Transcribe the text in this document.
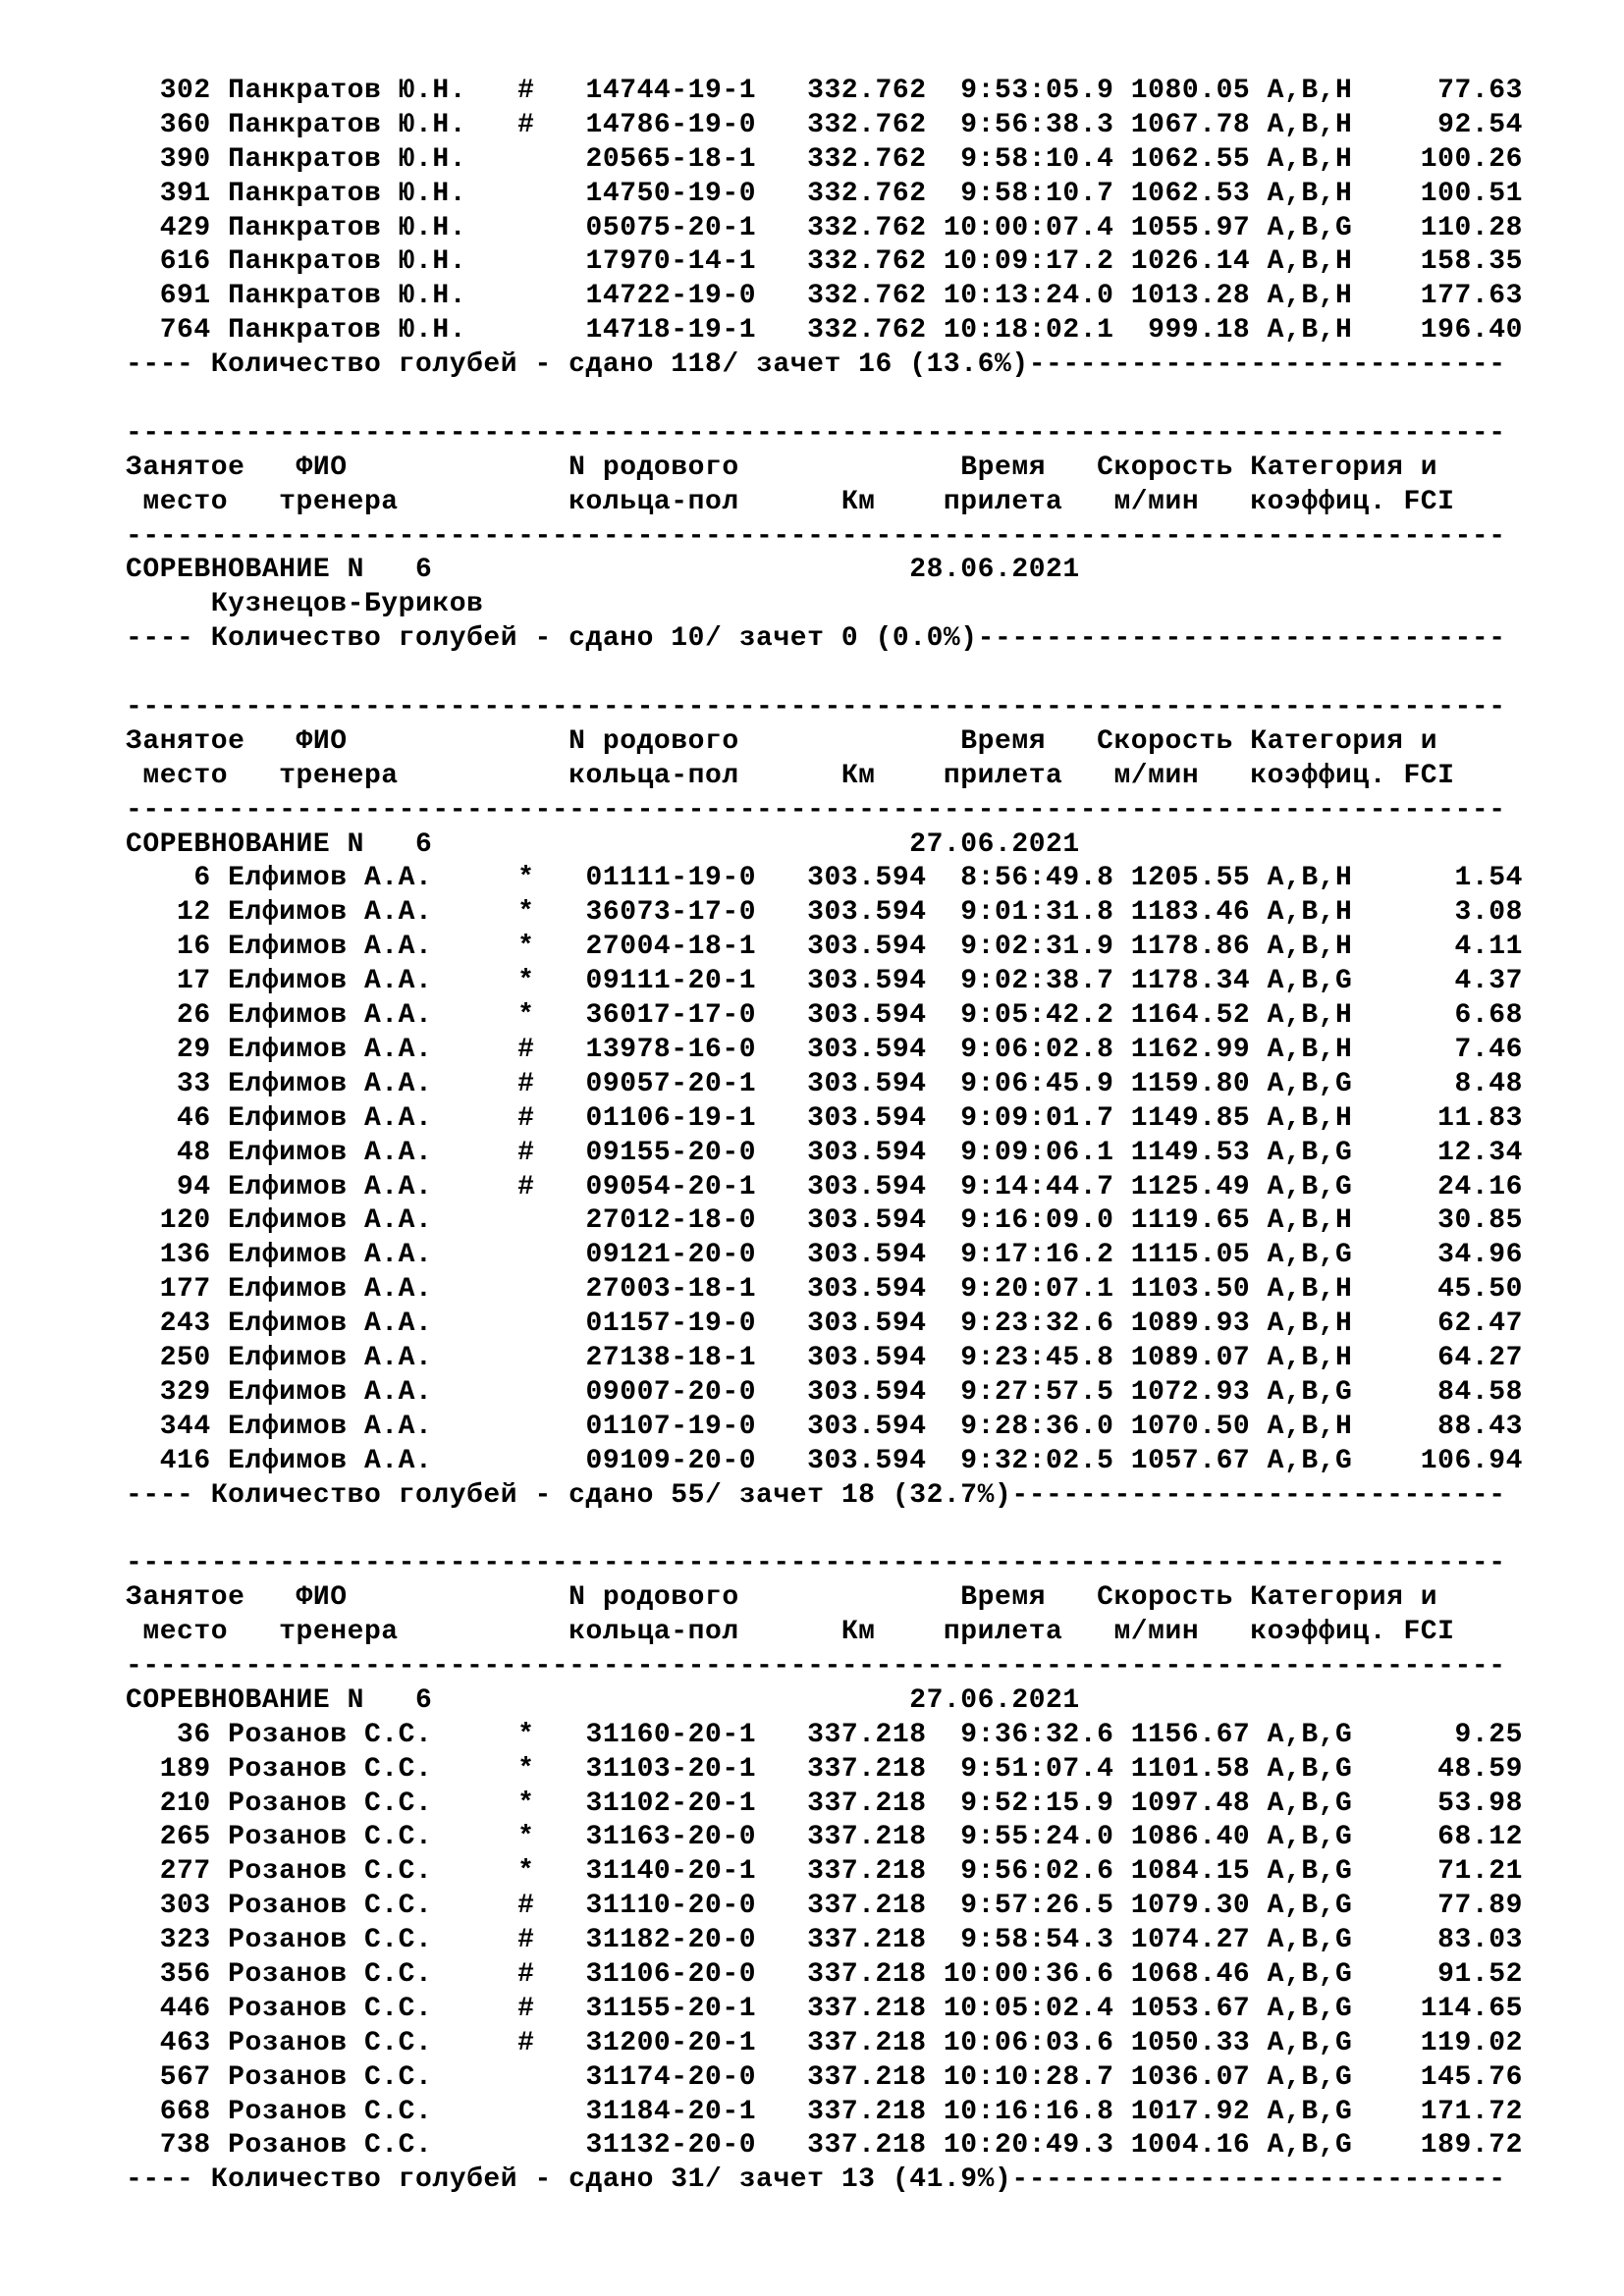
302 Панкратов Ю.Н.   #   14744-19-1   332.762  9:53:05.9 1080.05 A,B,H     77.63
360 Панкратов Ю.Н.   #   14786-19-0   332.762  9:56:38.3 1067.78 A,B,H     92.54
390 Панкратов Ю.Н.       20565-18-1   332.762  9:58:10.4 1062.55 A,B,H    100.26
391 Панкратов Ю.Н.       14750-19-0   332.762  9:58:10.7 1062.53 A,B,H    100.51
429 Панкратов Ю.Н.       05075-20-1   332.762 10:00:07.4 1055.97 A,B,G    110.28
616 Панкратов Ю.Н.       17970-14-1   332.762 10:09:17.2 1026.14 A,B,H    158.35
691 Панкратов Ю.Н.       14722-19-0   332.762 10:13:24.0 1013.28 A,B,H    177.63
764 Панкратов Ю.Н.       14718-19-1   332.762 10:18:02.1  999.18 A,B,H    196.40
---- Количество голубей - сдано 118/ зачет 16 (13.6%)----------------------------
---------------------------------------------------------------------------------
Занятое   ФИО             N родового             Время   Скорость Категория и
место   тренера          кольца-пол      Км    прилета   м/мин   коэффиц. FCI
---------------------------------------------------------------------------------
СОРЕВНОВАНИЕ N   6                            28.06.2021
Кузнецов-Буриков
---- Количество голубей - сдано 10/ зачет 0 (0.0%)-------------------------------
---------------------------------------------------------------------------------
Занятое   ФИО             N родового             Время   Скорость Категория и
место   тренера          кольца-пол      Км    прилета   м/мин   коэффиц. FCI
---------------------------------------------------------------------------------
СОРЕВНОВАНИЕ N   6                            27.06.2021
6 Елфимов А.А.     *   01111-19-0   303.594  8:56:49.8 1205.55 A,B,H      1.54
12 Елфимов А.А.     *   36073-17-0   303.594  9:01:31.8 1183.46 A,B,H      3.08
16 Елфимов А.А.     *   27004-18-1   303.594  9:02:31.9 1178.86 A,B,H      4.11
17 Елфимов А.А.     *   09111-20-1   303.594  9:02:38.7 1178.34 A,B,G      4.37
26 Елфимов А.А.     *   36017-17-0   303.594  9:05:42.2 1164.52 A,B,H      6.68
29 Елфимов А.А.     #   13978-16-0   303.594  9:06:02.8 1162.99 A,B,H      7.46
33 Елфимов А.А.     #   09057-20-1   303.594  9:06:45.9 1159.80 A,B,G      8.48
46 Елфимов А.А.     #   01106-19-1   303.594  9:09:01.7 1149.85 A,B,H     11.83
48 Елфимов А.А.     #   09155-20-0   303.594  9:09:06.1 1149.53 A,B,G     12.34
94 Елфимов А.А.     #   09054-20-1   303.594  9:14:44.7 1125.49 A,B,G     24.16
120 Елфимов А.А.         27012-18-0   303.594  9:16:09.0 1119.65 A,B,H     30.85
136 Елфимов А.А.         09121-20-0   303.594  9:17:16.2 1115.05 A,B,G     34.96
177 Елфимов А.А.         27003-18-1   303.594  9:20:07.1 1103.50 A,B,H     45.50
243 Елфимов А.А.         01157-19-0   303.594  9:23:32.6 1089.93 A,B,H     62.47
250 Елфимов А.А.         27138-18-1   303.594  9:23:45.8 1089.07 A,B,H     64.27
329 Елфимов А.А.         09007-20-0   303.594  9:27:57.5 1072.93 A,B,G     84.58
344 Елфимов А.А.         01107-19-0   303.594  9:28:36.0 1070.50 A,B,H     88.43
416 Елфимов А.А.         09109-20-0   303.594  9:32:02.5 1057.67 A,B,G    106.94
---- Количество голубей - сдано 55/ зачет 18 (32.7%)-----------------------------
---------------------------------------------------------------------------------
Занятое   ФИО             N родового             Время   Скорость Категория и
место   тренера          кольца-пол      Км    прилета   м/мин   коэффиц. FCI
---------------------------------------------------------------------------------
СОРЕВНОВАНИЕ N   6                            27.06.2021
36 Розанов С.С.     *   31160-20-1   337.218  9:36:32.6 1156.67 A,B,G      9.25
189 Розанов С.С.     *   31103-20-1   337.218  9:51:07.4 1101.58 A,B,G     48.59
210 Розанов С.С.     *   31102-20-1   337.218  9:52:15.9 1097.48 A,B,G     53.98
265 Розанов С.С.     *   31163-20-0   337.218  9:55:24.0 1086.40 A,B,G     68.12
277 Розанов С.С.     *   31140-20-1   337.218  9:56:02.6 1084.15 A,B,G     71.21
303 Розанов С.С.     #   31110-20-0   337.218  9:57:26.5 1079.30 A,B,G     77.89
323 Розанов С.С.     #   31182-20-0   337.218  9:58:54.3 1074.27 A,B,G     83.03
356 Розанов С.С.     #   31106-20-0   337.218 10:00:36.6 1068.46 A,B,G     91.52
446 Розанов С.С.     #   31155-20-1   337.218 10:05:02.4 1053.67 A,B,G    114.65
463 Розанов С.С.     #   31200-20-1   337.218 10:06:03.6 1050.33 A,B,G    119.02
567 Розанов С.С.         31174-20-0   337.218 10:10:28.7 1036.07 A,B,G    145.76
668 Розанов С.С.         31184-20-1   337.218 10:16:16.8 1017.92 A,B,G    171.72
738 Розанов С.С.         31132-20-0   337.218 10:20:49.3 1004.16 A,B,G    189.72
---- Количество голубей - сдано 31/ зачет 13 (41.9%)-----------------------------
